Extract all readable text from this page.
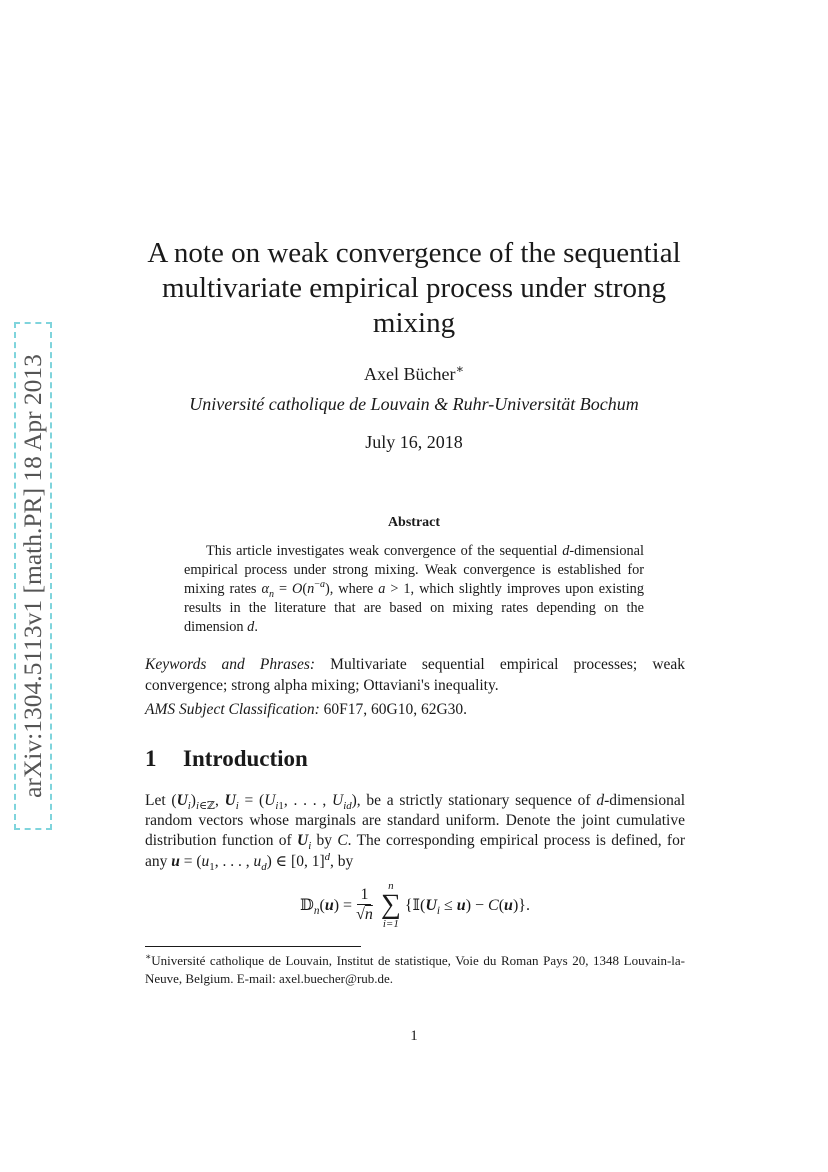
arXiv:1304.5113v1 [math.PR] 18 Apr 2013
A note on weak convergence of the sequential multivariate empirical process under strong mixing
Axel Bücher∗
Université catholique de Louvain & Ruhr-Universität Bochum
July 16, 2018
Abstract
This article investigates weak convergence of the sequential d-dimensional empirical process under strong mixing. Weak convergence is established for mixing rates $\alpha_n = O(n^{-a})$, where a > 1, which slightly improves upon existing results in the literature that are based on mixing rates depending on the dimension d.
Keywords and Phrases: Multivariate sequential empirical processes; weak convergence; strong alpha mixing; Ottaviani's inequality.
AMS Subject Classification: 60F17, 60G10, 62G30.
1 Introduction
Let $(U_i)_{i\in ℤ}$, $U_i = (U_{i1}$, . . . , $U_{id}$), be a strictly stationary sequence of d-dimensional random vectors whose marginals are standard uniform. Denote the joint cumulative distribution function of $U_i$ by C. The corresponding empirical process is defined, for any $u = (u_1$, . . . , $u_d$) ∈ [0, 1]$^d$, by
𝔻$_n$(u) = $\frac{1}{√n}$ n
∑
i=1
$\{𝕀(U_i \le u) - C(u)\}$.
∗Université catholique de Louvain, Institut de statistique, Voie du Roman Pays 20, 1348 Louvain-la-Neuve, Belgium. E-mail: axel.buecher@rub.de.
1
